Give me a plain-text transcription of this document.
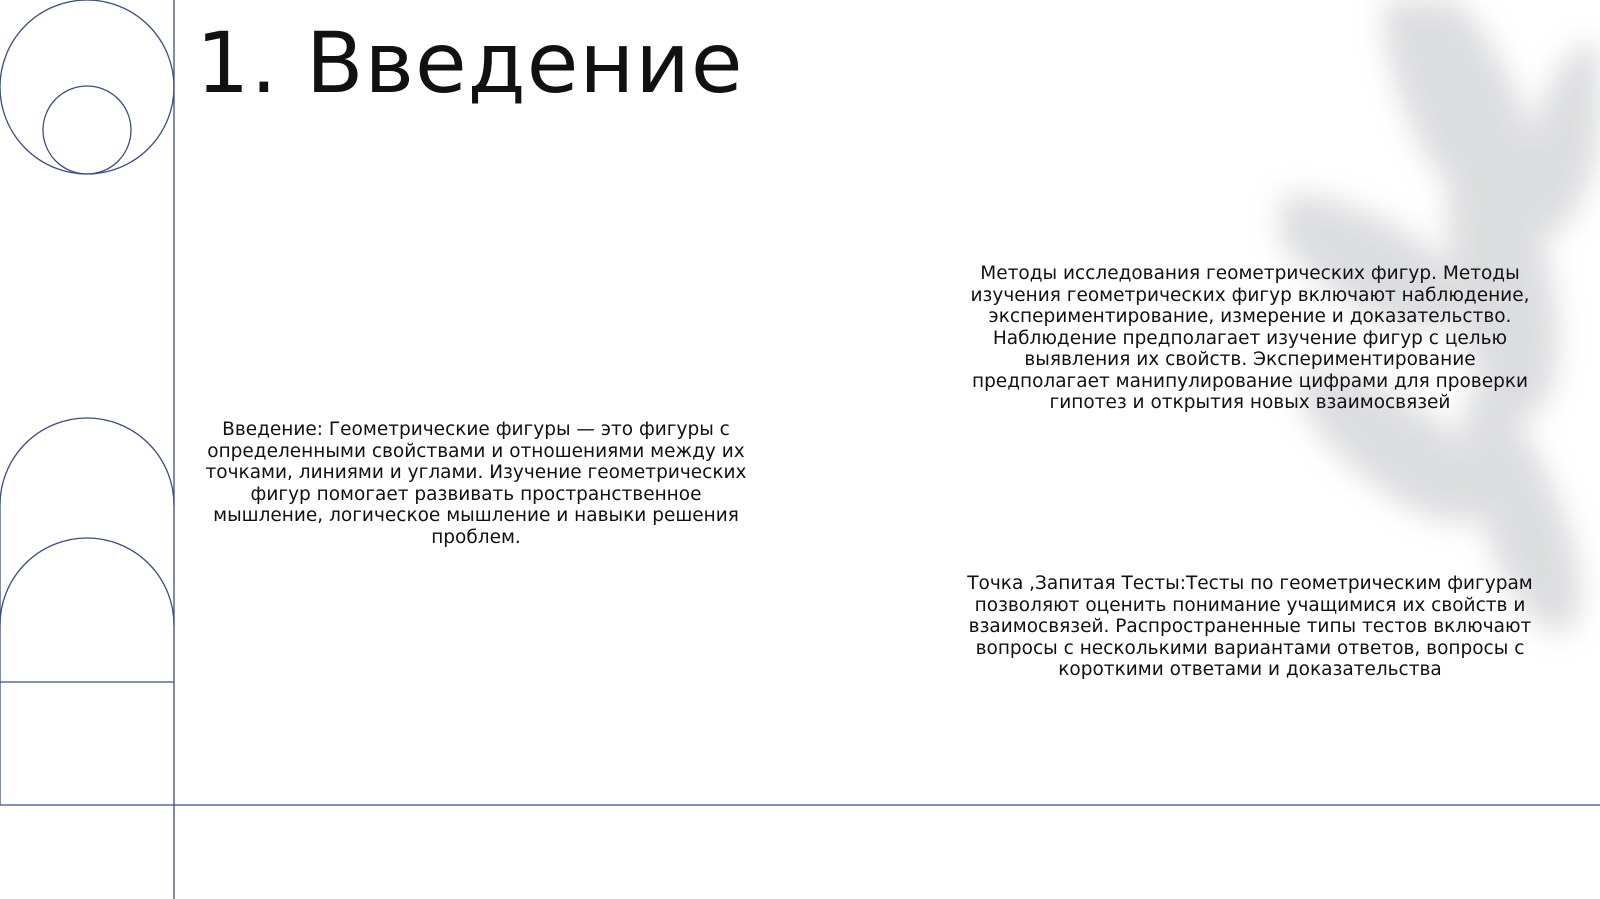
1. Введение

Введение: Геометрические фигуры — это фигуры с определенными свойствами и отношениями между их точками, линиями и углами. Изучение геометрических фигур помогает развивать пространственное мышление, логическое мышление и навыки решения проблем.

Методы исследования геометрических фигур. Методы изучения геометрических фигур включают наблюдение, экспериментирование, измерение и доказательство. Наблюдение предполагает изучение фигур с целью выявления их свойств. Экспериментирование предполагает манипулирование цифрами для проверки гипотез и открытия новых взаимосвязей

Точка ,Запитая Тесты:Тесты по геометрическим фигурам позволяют оценить понимание учащимися их свойств и взаимосвязей. Распространенные типы тестов включают вопросы с несколькими вариантами ответов, вопросы с короткими ответами и доказательства
